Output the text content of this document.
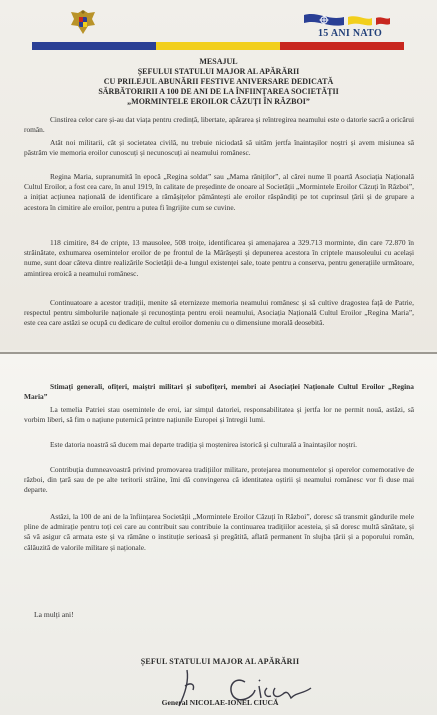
15 ANI NATO
MESAJUL
ȘEFULUI STATULUI MAJOR AL APĂRĂRII
CU PRILEJUL ABUNĂRII FESTIVE ANIVERSARE DEDICATĂ
SĂRBĂTORIRII A 100 DE ANI DE LA ÎNFIINȚAREA SOCIETĂȚII
„MORMINTELE EROILOR CĂZUȚI ÎN RĂZBOI”
Cinstirea celor care și-au dat viața pentru credință, libertate, apărarea și reîntregirea neamului este o datorie sacră a oricărui român.
Atât noi militarii, cât și societatea civilă, nu trebuie niciodată să uităm jertfa înaintașilor noștri și avem misiunea să păstrăm vie memoria eroilor cunoscuți și necunoscuți ai neamului românesc.
Regina Maria, supranumită în epocă „Regina soldat” sau „Mama răniților”, al cărei nume îl poartă Asociația Națională Cultul Eroilor, a fost cea care, în anul 1919, în calitate de președinte de onoare al Societății „Mormintele Eroilor Căzuți în Război”, a inițiat acțiunea națională de identificare a rămășițelor pământești ale eroilor răspândiți pe tot cuprinsul țării și de grupare a acestora în cimitire ale eroilor, pentru a putea fi îngrijite cum se cuvine.
118 cimitire, 84 de cripte, 13 mausolee, 508 troițe, identificarea și amenajarea a 329.713 morminte, din care 72.870 în străinătate, exhumarea osemintelor eroilor de pe frontul de la Mărășești și depunerea acestora în criptele mausoleului cu același nume, sunt doar câteva dintre realizările Societății de-a lungul existenței sale, toate pentru a conserva, pentru generațiile următoare, amintirea eroică a neamului românesc.
Continuatoare a acestor tradiții, menite să eternizeze memoria neamului românesc și să cultive dragostea față de Patrie, respectul pentru simbolurile naționale și recunoștința pentru eroii neamului, Asociația Națională Cultul Eroilor „Regina Maria”, este cea care astăzi se ocupă cu dedicare de cultul eroilor domeniu cu o dimensiune morală deosebită.
Stimați generali, ofițeri, maiștri militari și subofițeri, membri ai Asociației Naționale Cultul Eroilor „Regina Maria”
La temelia Patriei stau osemintele de eroi, iar simțul datoriei, responsabilitatea și jertfa lor ne permit nouă, astăzi, să vorbim liberi, să fim o națiune puternică printre națiunile Europei și întregii lumi.
Este datoria noastră să ducem mai departe tradiția și moștenirea istorică și culturală a înaintașilor noștri.
Contribuția dumneavoastră privind promovarea tradițiilor militare, protejarea monumentelor și operelor comemorative de război, din țară sau de pe alte teritorii străine, îmi dă convingerea că identitatea oștirii și neamului românesc vor fi duse mai departe.
Astăzi, la 100 de ani de la înființarea Societății „Mormintele Eroilor Căzuți în Război”, doresc să transmit gândurile mele pline de admirație pentru toți cei care au contribuit sau contribuie la continuarea tradițiilor acesteia, și să doresc multă sănătate, și să vă asigur că armata este și va rămâne o instituție serioasă și pregătită, aflată permanent în slujba țării și a poporului român, călăuzită de valorile militare și naționale.
La mulți ani!
ȘEFUL STATULUI MAJOR AL APĂRĂRII
General NICOLAE-IONEL CIUCĂ
